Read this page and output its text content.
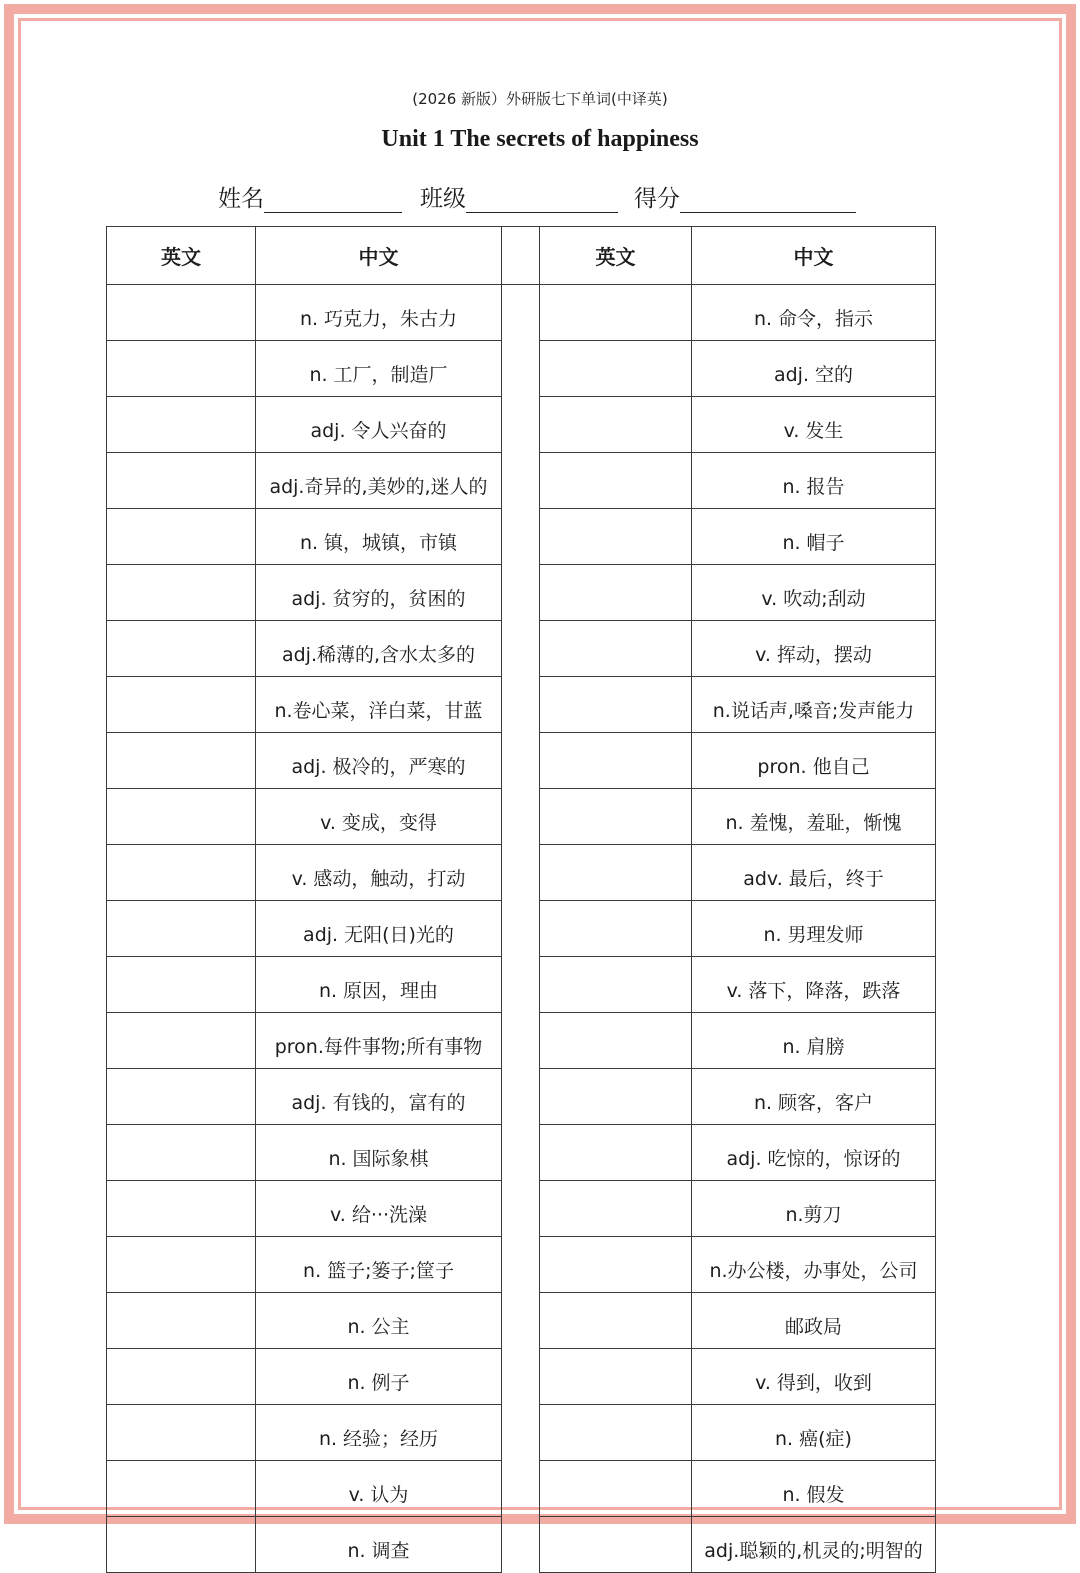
(2026 新版）外研版七下单词(中译英)
Unit 1 The secrets of happiness
姓名	班级	得分
英文	中文		英文	中文
	n. 巧克力，朱古力			n. 命令，指示
	n. 工厂，制造厂			adj. 空的
	adj. 令人兴奋的			v. 发生
	adj.奇异的,美妙的,迷人的			n. 报告
	n. 镇，城镇，市镇			n. 帽子
	adj. 贫穷的，贫困的			v. 吹动;刮动
	adj.稀薄的,含水太多的			v. 挥动，摆动
	n.卷心菜，洋白菜，甘蓝			n.说话声,嗓音;发声能力
	adj. 极冷的，严寒的			pron. 他自己
	v. 变成，变得			n. 羞愧，羞耻，惭愧
	v. 感动，触动，打动			adv. 最后，终于
	adj. 无阳(日)光的			n. 男理发师
	n. 原因，理由			v. 落下，降落，跌落
	pron.每件事物;所有事物			n. 肩膀
	adj. 有钱的，富有的			n. 顾客，客户
	n. 国际象棋			adj. 吃惊的，惊讶的
	v. 给···洗澡			n.剪刀
	n. 篮子;篓子;筐子			n.办公楼，办事处，公司
	n. 公主			邮政局
	n. 例子			v. 得到，收到
	n. 经验；经历			n. 癌(症)
	v. 认为			n. 假发
	n. 调查			adj.聪颖的,机灵的;明智的
